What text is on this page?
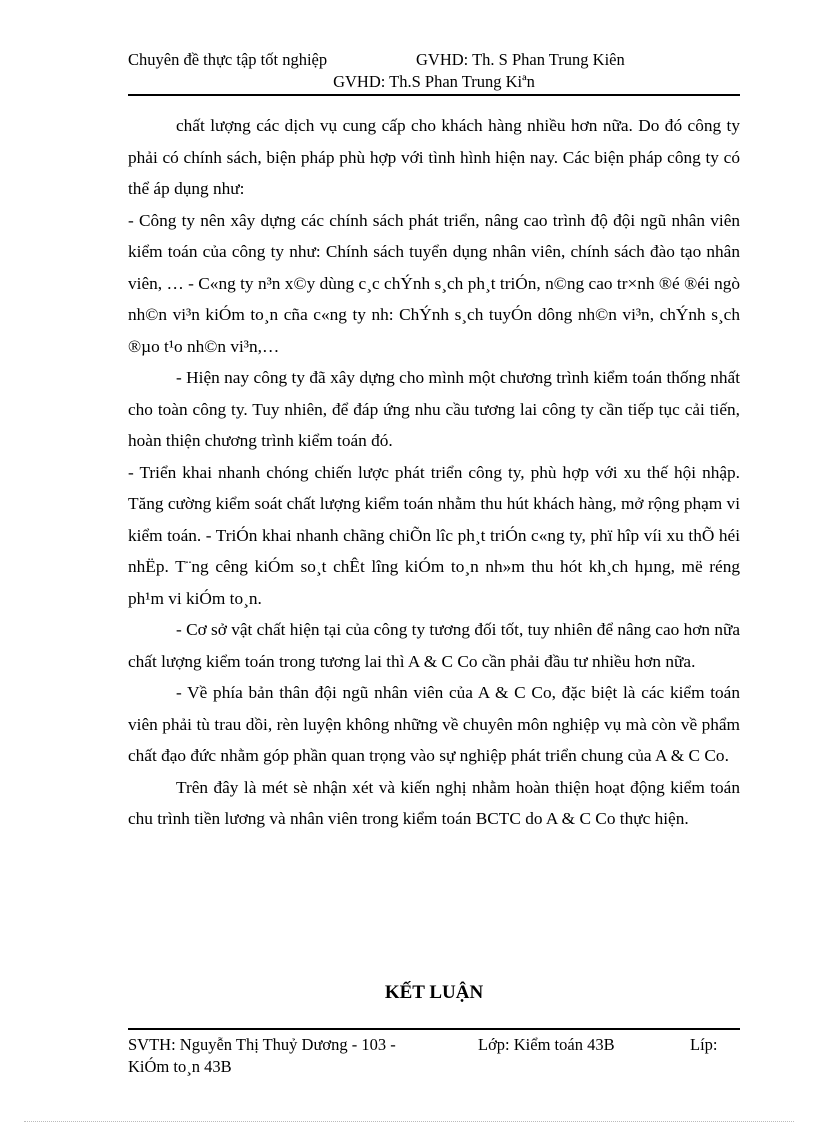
Chuyên đề thực tập tốt nghiệp	GVHD: Th. S Phan Trung Kiên
GVHD: Th.S Phan Trung Kiªn

chất lượng các dịch vụ cung cấp cho khách hàng nhiều hơn nữa. Do đó công ty phải có chính sách, biện pháp phù hợp với tình hình hiện nay. Các biện pháp công ty có thể áp dụng như:

- Công ty nên xây dựng các chính sách phát triển, nâng cao trình độ đội ngũ nhân viên kiểm toán của công ty như: Chính sách tuyển dụng nhân viên, chính sách đào tạo nhân viên, … - C«ng ty n³n x©y dùng c¸c chÝnh s¸ch ph¸t triÓn, n©ng cao tr×nh ®é ®éi ngò nh©n vi³n kiÓm to¸n cña c«ng ty nh: ChÝnh s¸ch tuyÓn dông nh©n vi³n, chÝnh s¸ch ®µo t¹o nh©n vi³n,…

- Hiện nay công ty đã xây dựng cho mình một chương trình kiểm toán thống nhất cho toàn công ty. Tuy nhiên, để đáp ứng nhu cầu tương lai công ty cần tiếp tục cải tiến, hoàn thiện chương trình kiểm toán đó.

- Triển khai nhanh chóng chiến lược phát triển công ty, phù hợp với xu thế hội nhập. Tăng cường kiểm soát chất lượng kiểm toán nhằm thu hút khách hàng, mở rộng phạm vi kiểm toán. - TriÓn khai nhanh chãng chiÕn lîc ph¸t triÓn c«ng ty, phï hîp víi xu thÕ héi nhËp. T¨ng cêng kiÓm so¸t chÊt lîng kiÓm to¸n nh»m thu hót kh¸ch hµng, më réng ph¹m vi kiÓm to¸n.

- Cơ sở vật chất hiện tại của công ty tương đối tốt, tuy nhiên để nâng cao hơn nữa chất lượng kiểm toán trong tương lai thì A & C Co cần phải đầu tư nhiều hơn nữa.

- Về phía bản thân đội ngũ nhân viên của A & C Co, đặc biệt là các kiểm toán viên phải tù trau dồi, rèn luyện không những về chuyên môn nghiệp vụ mà còn về phẩm chất đạo đức nhằm góp phần quan trọng vào sự nghiệp phát triển chung của A & C Co.

Trên đây là mét sè nhận xét và kiến nghị nhằm hoàn thiện hoạt động kiểm toán chu trình tiền lương và nhân viên trong kiểm toán BCTC do A & C Co thực hiện.

KẾT LUẬN
SVTH: Nguyễn Thị Thuỷ Dương - 103 -	Lớp: Kiểm toán 43B	Líp:
KiÓm to¸n 43B
